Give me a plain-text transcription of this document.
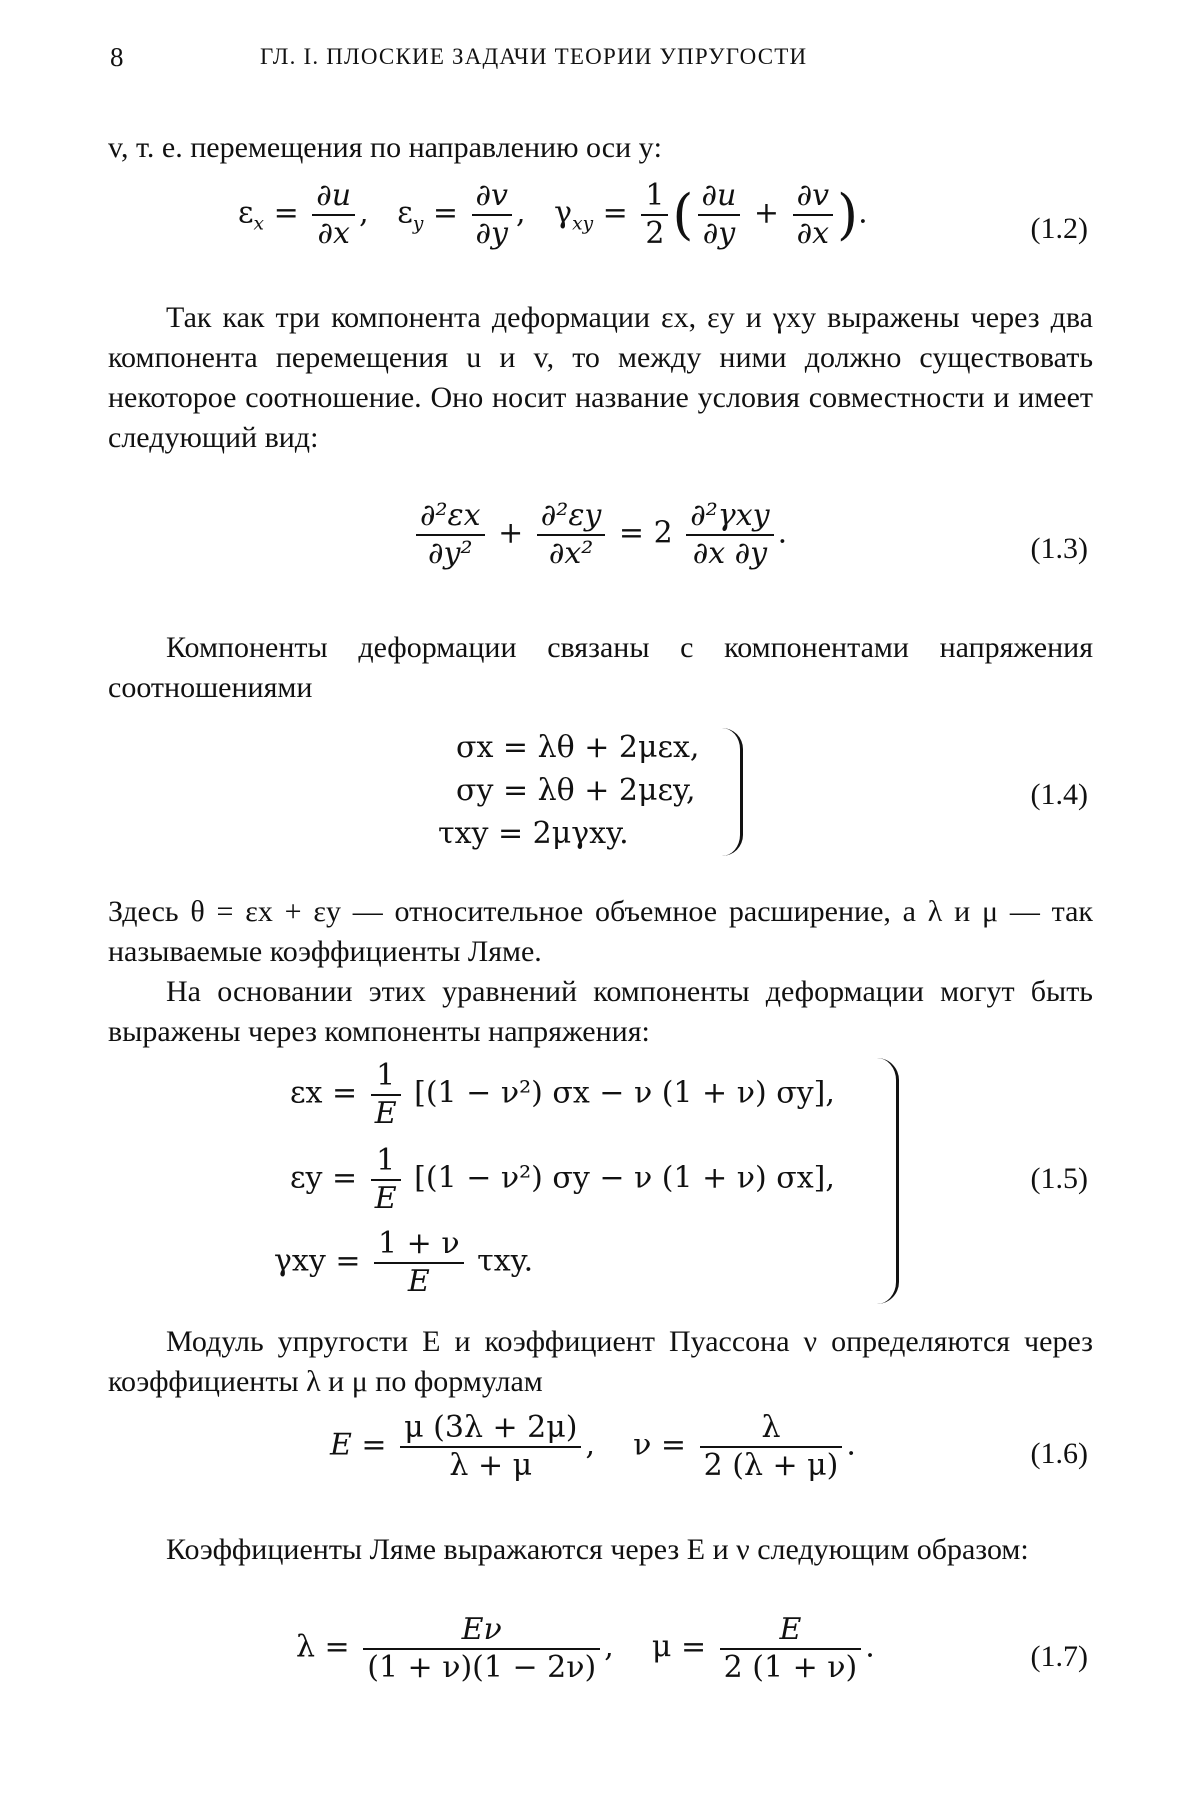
8	ГЛ. I. ПЛОСКИЕ ЗАДАЧИ ТЕОРИИ УПРУГОСТИ
v, т. е. перемещения по направлению оси y:
$\varepsilon_x = \frac{\partial u}{\partial x}$ ,   $\varepsilon_y = \frac{\partial v}{\partial y}$ ,   $\gamma_{xy} = \frac{1}{2}$ ( $\frac{\partial u}{\partial y} + \frac{\partial v}{\partial x}$ ).	(1.2)
Так как три компонента деформации εx, εy и γxy выражены через два компонента перемещения u и v, то между ними должно существовать некоторое соотношение. Оно носит название условия совместности и имеет следующий вид:
$\frac{\text{∂²εx}}{\text{∂y²}} + \frac{\text{∂²εy}}{\text{∂x²}} = 2 \frac{\text{∂²γxy}}{\partial x \partial y}$ .	(1.3)
Компоненты деформации связаны с компонентами напряжения соотношениями
σx = λθ + 2μεx,
σy = λθ + 2μεy,
τxy = 2μγxy.
(1.4)
Здесь θ = εx + εy — относительное объемное расширение, а λ и μ — так называемые коэффициенты Ляме.
На основании этих уравнений компоненты деформации могут быть выражены через компоненты напряжения:
$\varepsilon x = \frac{1}{E} [(1 - \nu^2) \sigma x - \nu$ (1 + ν) σy],
$\varepsilon y = \frac{1}{E} [(1 - \nu^2) \sigma y - \nu$ (1 + ν) σx],
$\gamma xy = \frac{1 + \nu}{E} \tau xy$.
(1.5)
Модуль упругости E и коэффициент Пуассона ν определяются через коэффициенты λ и μ по формулам
$E = \frac{\mu (3\lambda + 2\mu)}{\lambda + \mu}$ ,    $\nu = \frac{\lambda}{2 (\lambda + \mu)}$ .	(1.6)
Коэффициенты Ляме выражаются через E и ν следующим образом:
$\lambda = \frac{E\nu}{(1 + \nu)(1 - 2\nu)}$ ,    $\mu = \frac{E}{2 (1 + \nu)}$ .	(1.7)
